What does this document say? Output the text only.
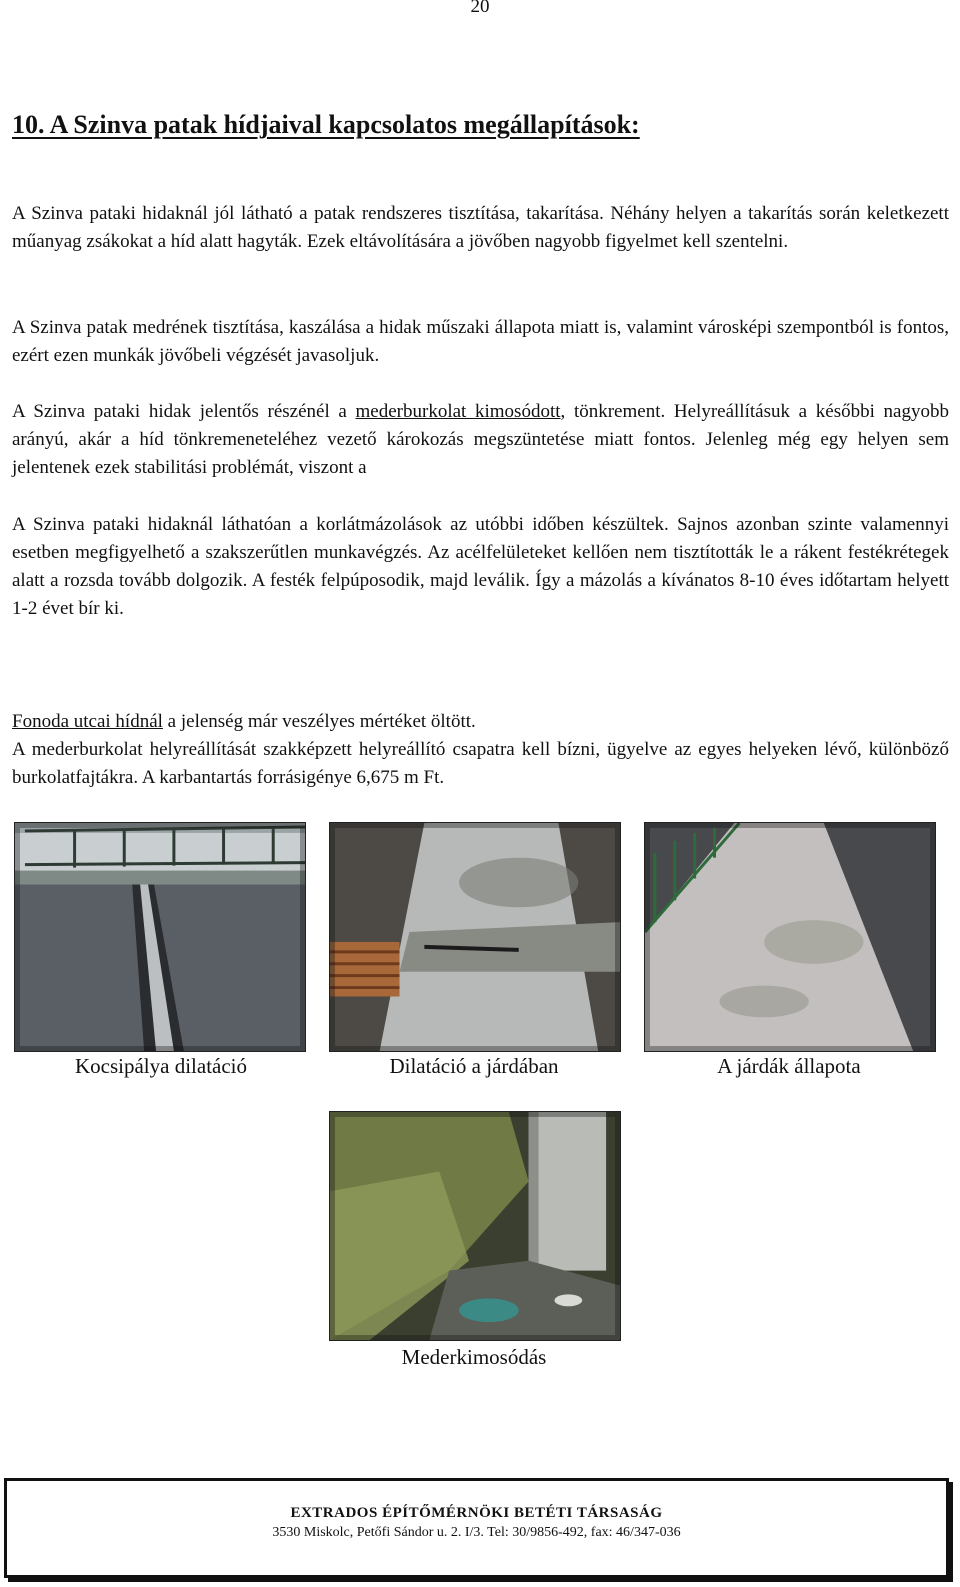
20
10. A Szinva patak hídjaival kapcsolatos megállapítások:

A Szinva pataki hidaknál jól látható a patak rendszeres tisztítása, takarítása. Néhány helyen a takarítás során keletkezett műanyag zsákokat a híd alatt hagyták. Ezek eltávolítására a jövőben nagyobb figyelmet kell szentelni.

A Szinva patak medrének tisztítása, kaszálása a hidak műszaki állapota miatt is, valamint városképi szempontból is fontos, ezért ezen munkák jövőbeli végzését javasoljuk.

A Szinva pataki hidak jelentős részénél a mederburkolat kimosódott, tönkrement. Helyreállításuk a későbbi nagyobb arányú, akár a híd tönkremeneteléhez vezető károkozás megszüntetése miatt fontos. Jelenleg még egy helyen sem jelentenek ezek stabilitási problémát, viszont a

A Szinva pataki hidaknál láthatóan a korlátmázolások az utóbbi időben készültek. Sajnos azonban szinte valamennyi esetben megfigyelhető a szakszerűtlen munkavégzés. Az acélfelületeket kellően nem tisztították le a rákent festékrétegek alatt a rozsda tovább dolgozik. A festék felpúposodik, majd leválik. Így a mázolás a kívánatos 8-10 éves időtartam helyett 1-2 évet bír ki.

Fonoda utcai hídnál a jelenség már veszélyes mértéket öltött.

A mederburkolat helyreállítását szakképzett helyreállító csapatra kell bízni, ügyelve az egyes helyeken lévő, különböző burkolatfajtákra. A karbantartás forrásigénye 6,675 m Ft.

Kocsipálya dilatáció	Dilatáció a járdában	A járdák állapota
Mederkimosódás
EXTRADOS ÉPÍTŐMÉRNÖKI BETÉTI TÁRSASÁG
3530 Miskolc, Petőfi Sándor u. 2. I/3. Tel: 30/9856-492, fax: 46/347-036
